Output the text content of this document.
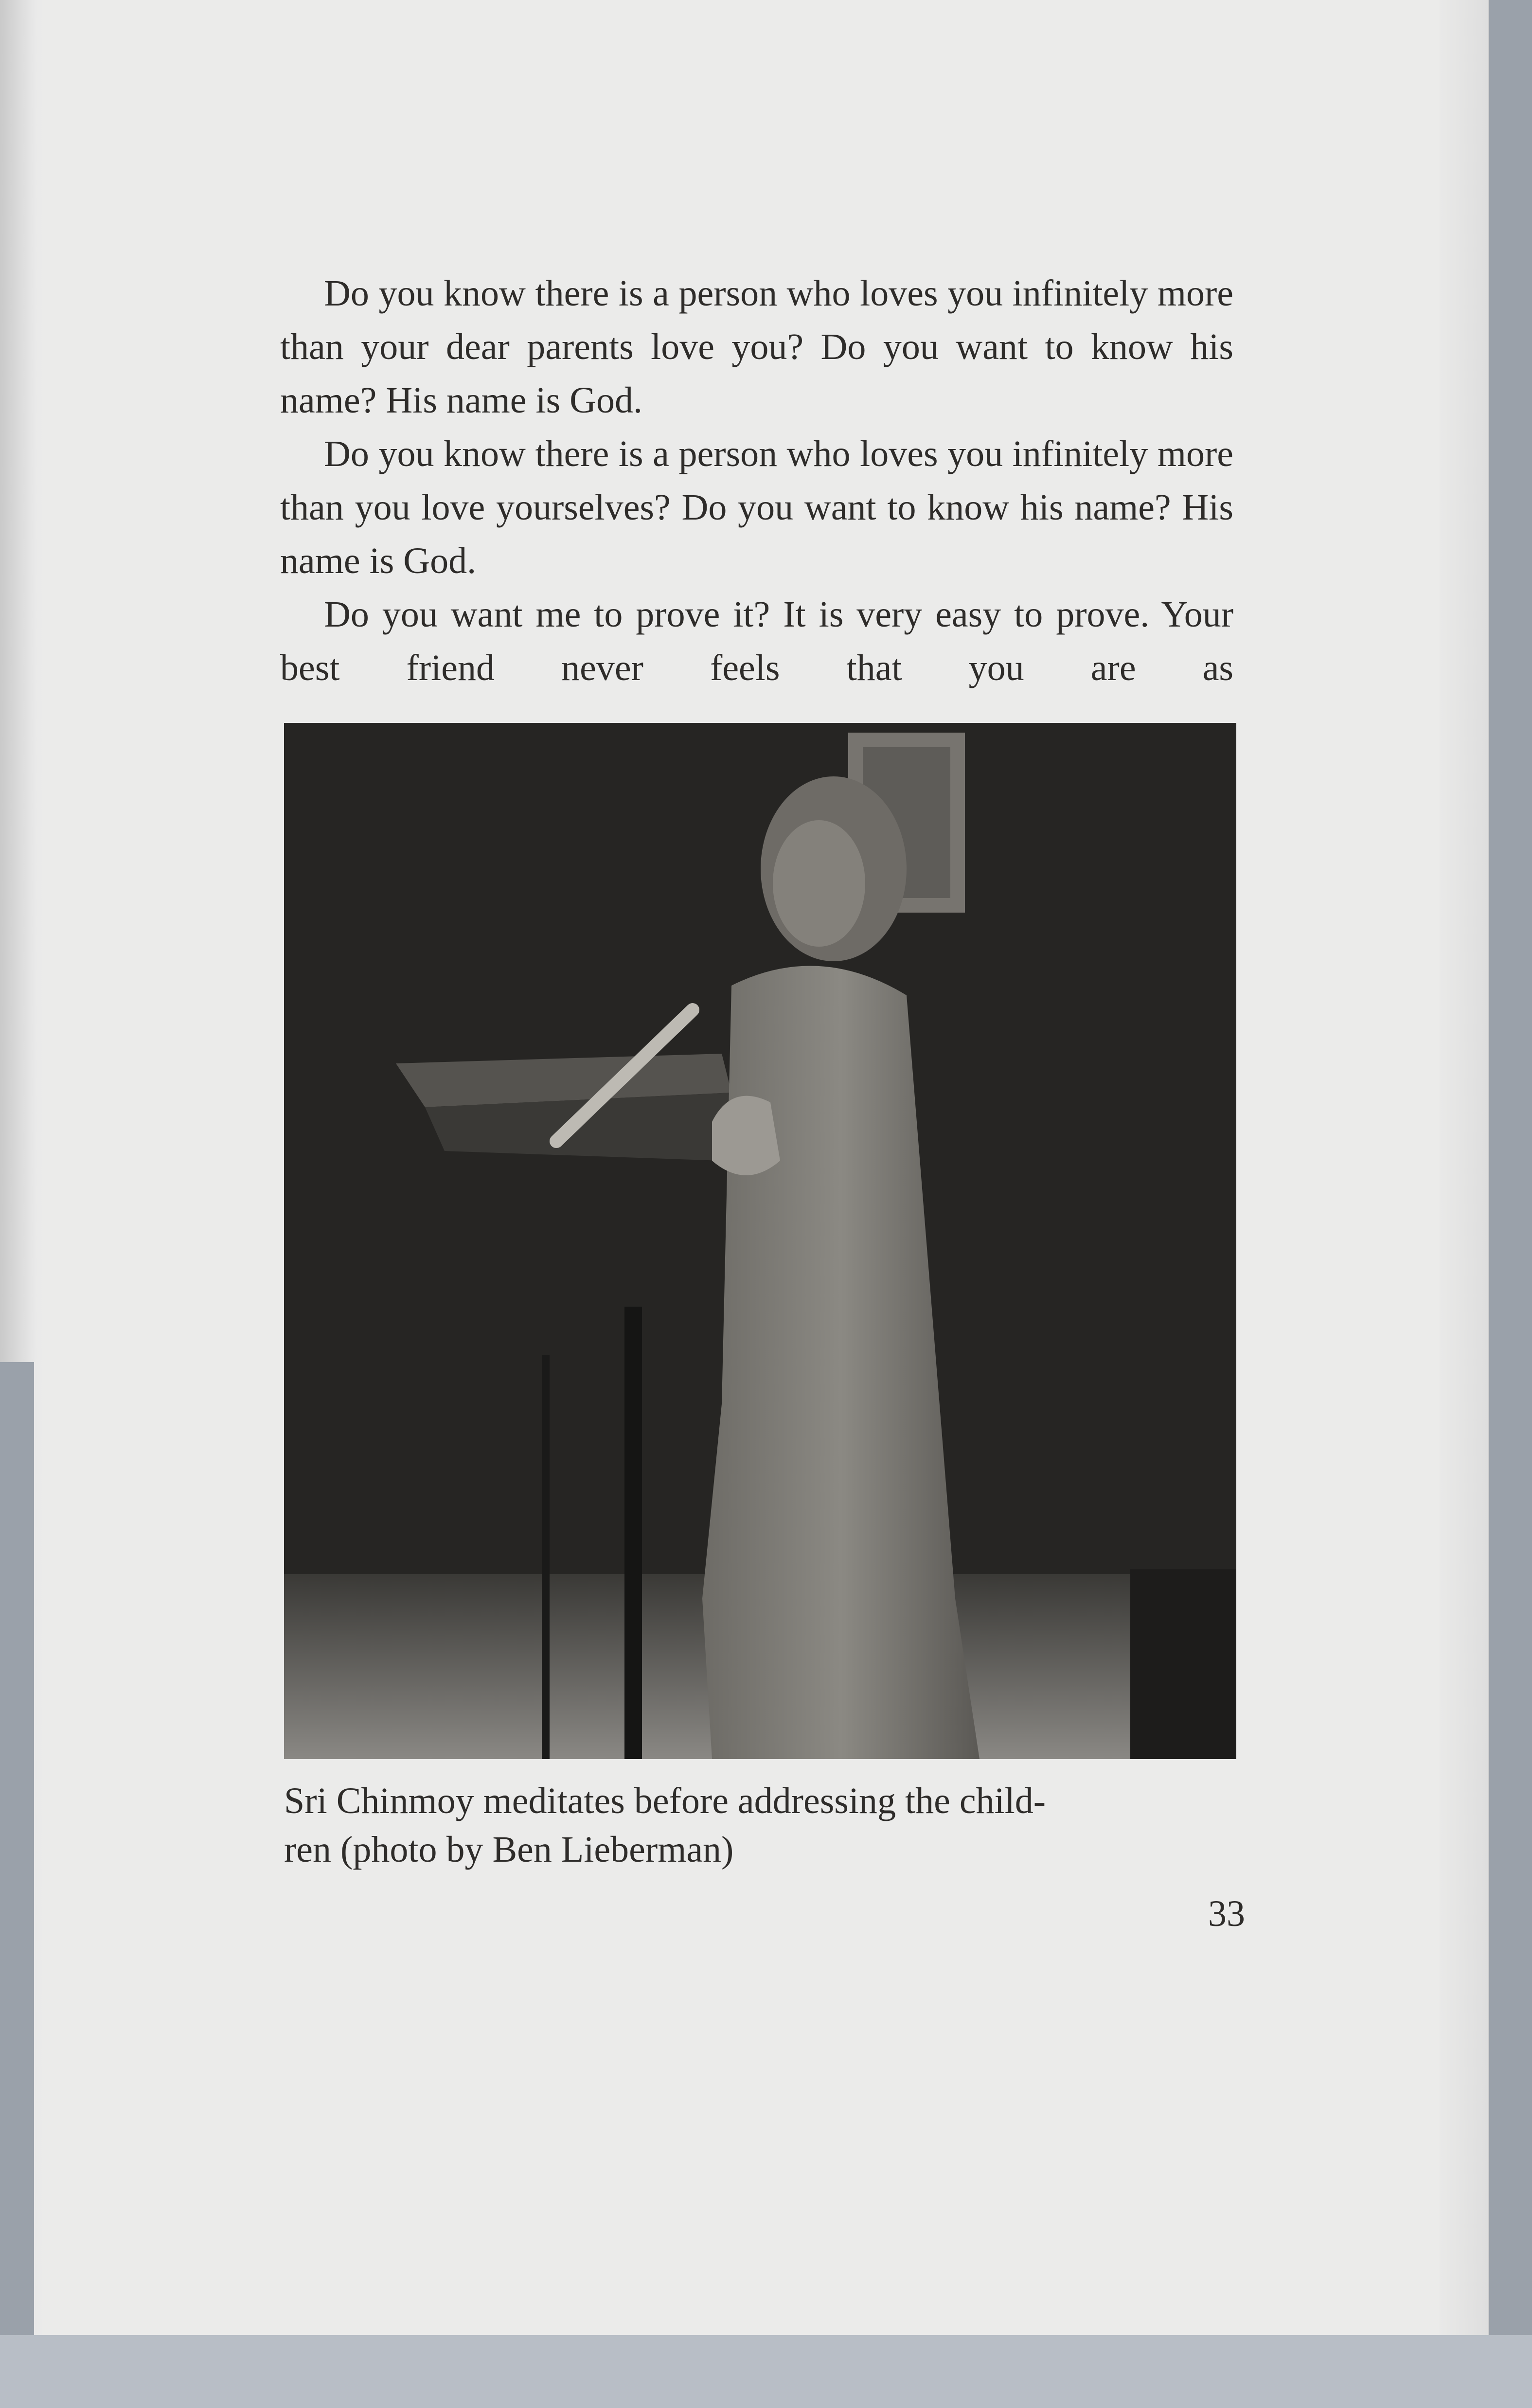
Do you know there is a person who loves you infinitely more than your dear parents love you? Do you want to know his name? His name is God.

Do you know there is a person who loves you infinitely more than you love yourselves? Do you want to know his name? His name is God.

Do you want me to prove it? It is very easy to prove. Your best friend never feels that you are as

Sri Chinmoy meditates before addressing the child-
ren (photo by Ben Lieberman)

33
